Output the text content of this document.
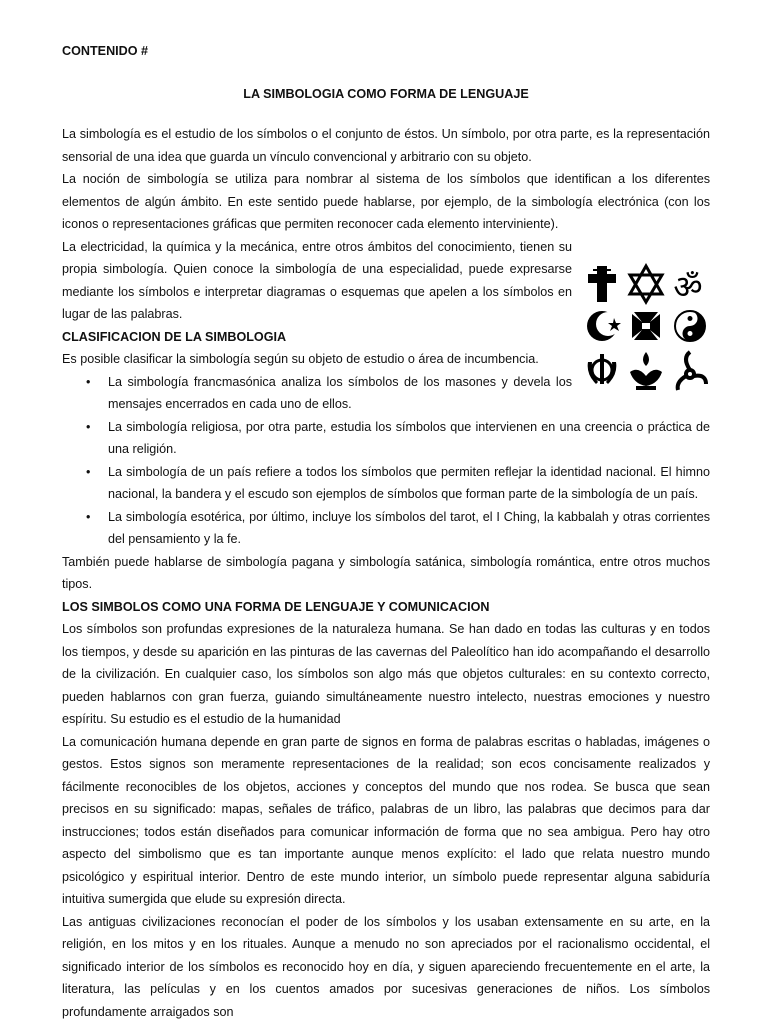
CONTENIDO #

LA SIMBOLOGIA COMO FORMA DE LENGUAJE

La simbología es el estudio de los símbolos o el conjunto de éstos. Un símbolo, por otra parte, es la representación sensorial de una idea que guarda un vínculo convencional y arbitrario con su objeto.

La noción de simbología se utiliza para nombrar al sistema de los símbolos que identifican a los diferentes elementos de algún ámbito. En este sentido puede hablarse, por ejemplo, de la simbología electrónica (con los iconos o representaciones gráficas que permiten reconocer cada elemento interviniente).

ॐ

La electricidad, la química y la mecánica, entre otros ámbitos del conocimiento, tienen su propia simbología. Quien conoce la simbología de una especialidad, puede expresarse mediante los símbolos e interpretar diagramas o esquemas que apelen a los símbolos en lugar de las palabras.

CLASIFICACION DE LA SIMBOLOGIA

Es posible clasificar la simbología según su objeto de estudio o área de incumbencia.

• La simbología francmasónica analiza los símbolos de los masones y devela los mensajes encerrados en cada uno de ellos.
• La simbología religiosa, por otra parte, estudia los símbolos que intervienen en una creencia o práctica de una religión.
• La simbología de un país refiere a todos los símbolos que permiten reflejar la identidad nacional. El himno nacional, la bandera y el escudo son ejemplos de símbolos que forman parte de la simbología de un país.
• La simbología esotérica, por último, incluye los símbolos del tarot, el I Ching, la kabbalah y otras corrientes del pensamiento y la fe.

También puede hablarse de simbología pagana y simbología satánica, simbología romántica, entre otros muchos tipos.

LOS SIMBOLOS COMO UNA FORMA DE LENGUAJE Y COMUNICACION

Los símbolos son profundas expresiones de la naturaleza humana. Se han dado en todas las culturas y en todos los tiempos, y desde su aparición en las pinturas de las cavernas del Paleolítico han ido acompañando el desarrollo de la civilización. En cualquier caso, los símbolos son algo más que objetos culturales: en su contexto correcto, pueden hablarnos con gran fuerza, guiando simultáneamente nuestro intelecto, nuestras emociones y nuestro espíritu. Su estudio es el estudio de la humanidad

La comunicación humana depende en gran parte de signos en forma de palabras escritas o habladas, imágenes o gestos. Estos signos son meramente representaciones de la realidad; son ecos concisamente realizados y fácilmente reconocibles de los objetos, acciones y conceptos del mundo que nos rodea. Se busca que sean precisos en su significado: mapas, señales de tráfico, palabras de un libro, las palabras que decimos para dar instrucciones; todos están diseñados para comunicar información de forma que no sea ambigua. Pero hay otro aspecto del simbolismo que es tan importante aunque menos explícito: el lado que relata nuestro mundo psicológico y espiritual interior. Dentro de este mundo interior, un símbolo puede representar alguna sabiduría intuitiva sumergida que elude su expresión directa.

Las antiguas civilizaciones reconocían el poder de los símbolos y los usaban extensamente en su arte, en la religión, en los mitos y en los rituales. Aunque a menudo no son apreciados por el racionalismo occidental, el significado interior de los símbolos es reconocido hoy en día, y siguen apareciendo frecuentemente en el arte, la literatura, las películas y en los cuentos amados por sucesivas generaciones de niños. Los símbolos profundamente arraigados son
